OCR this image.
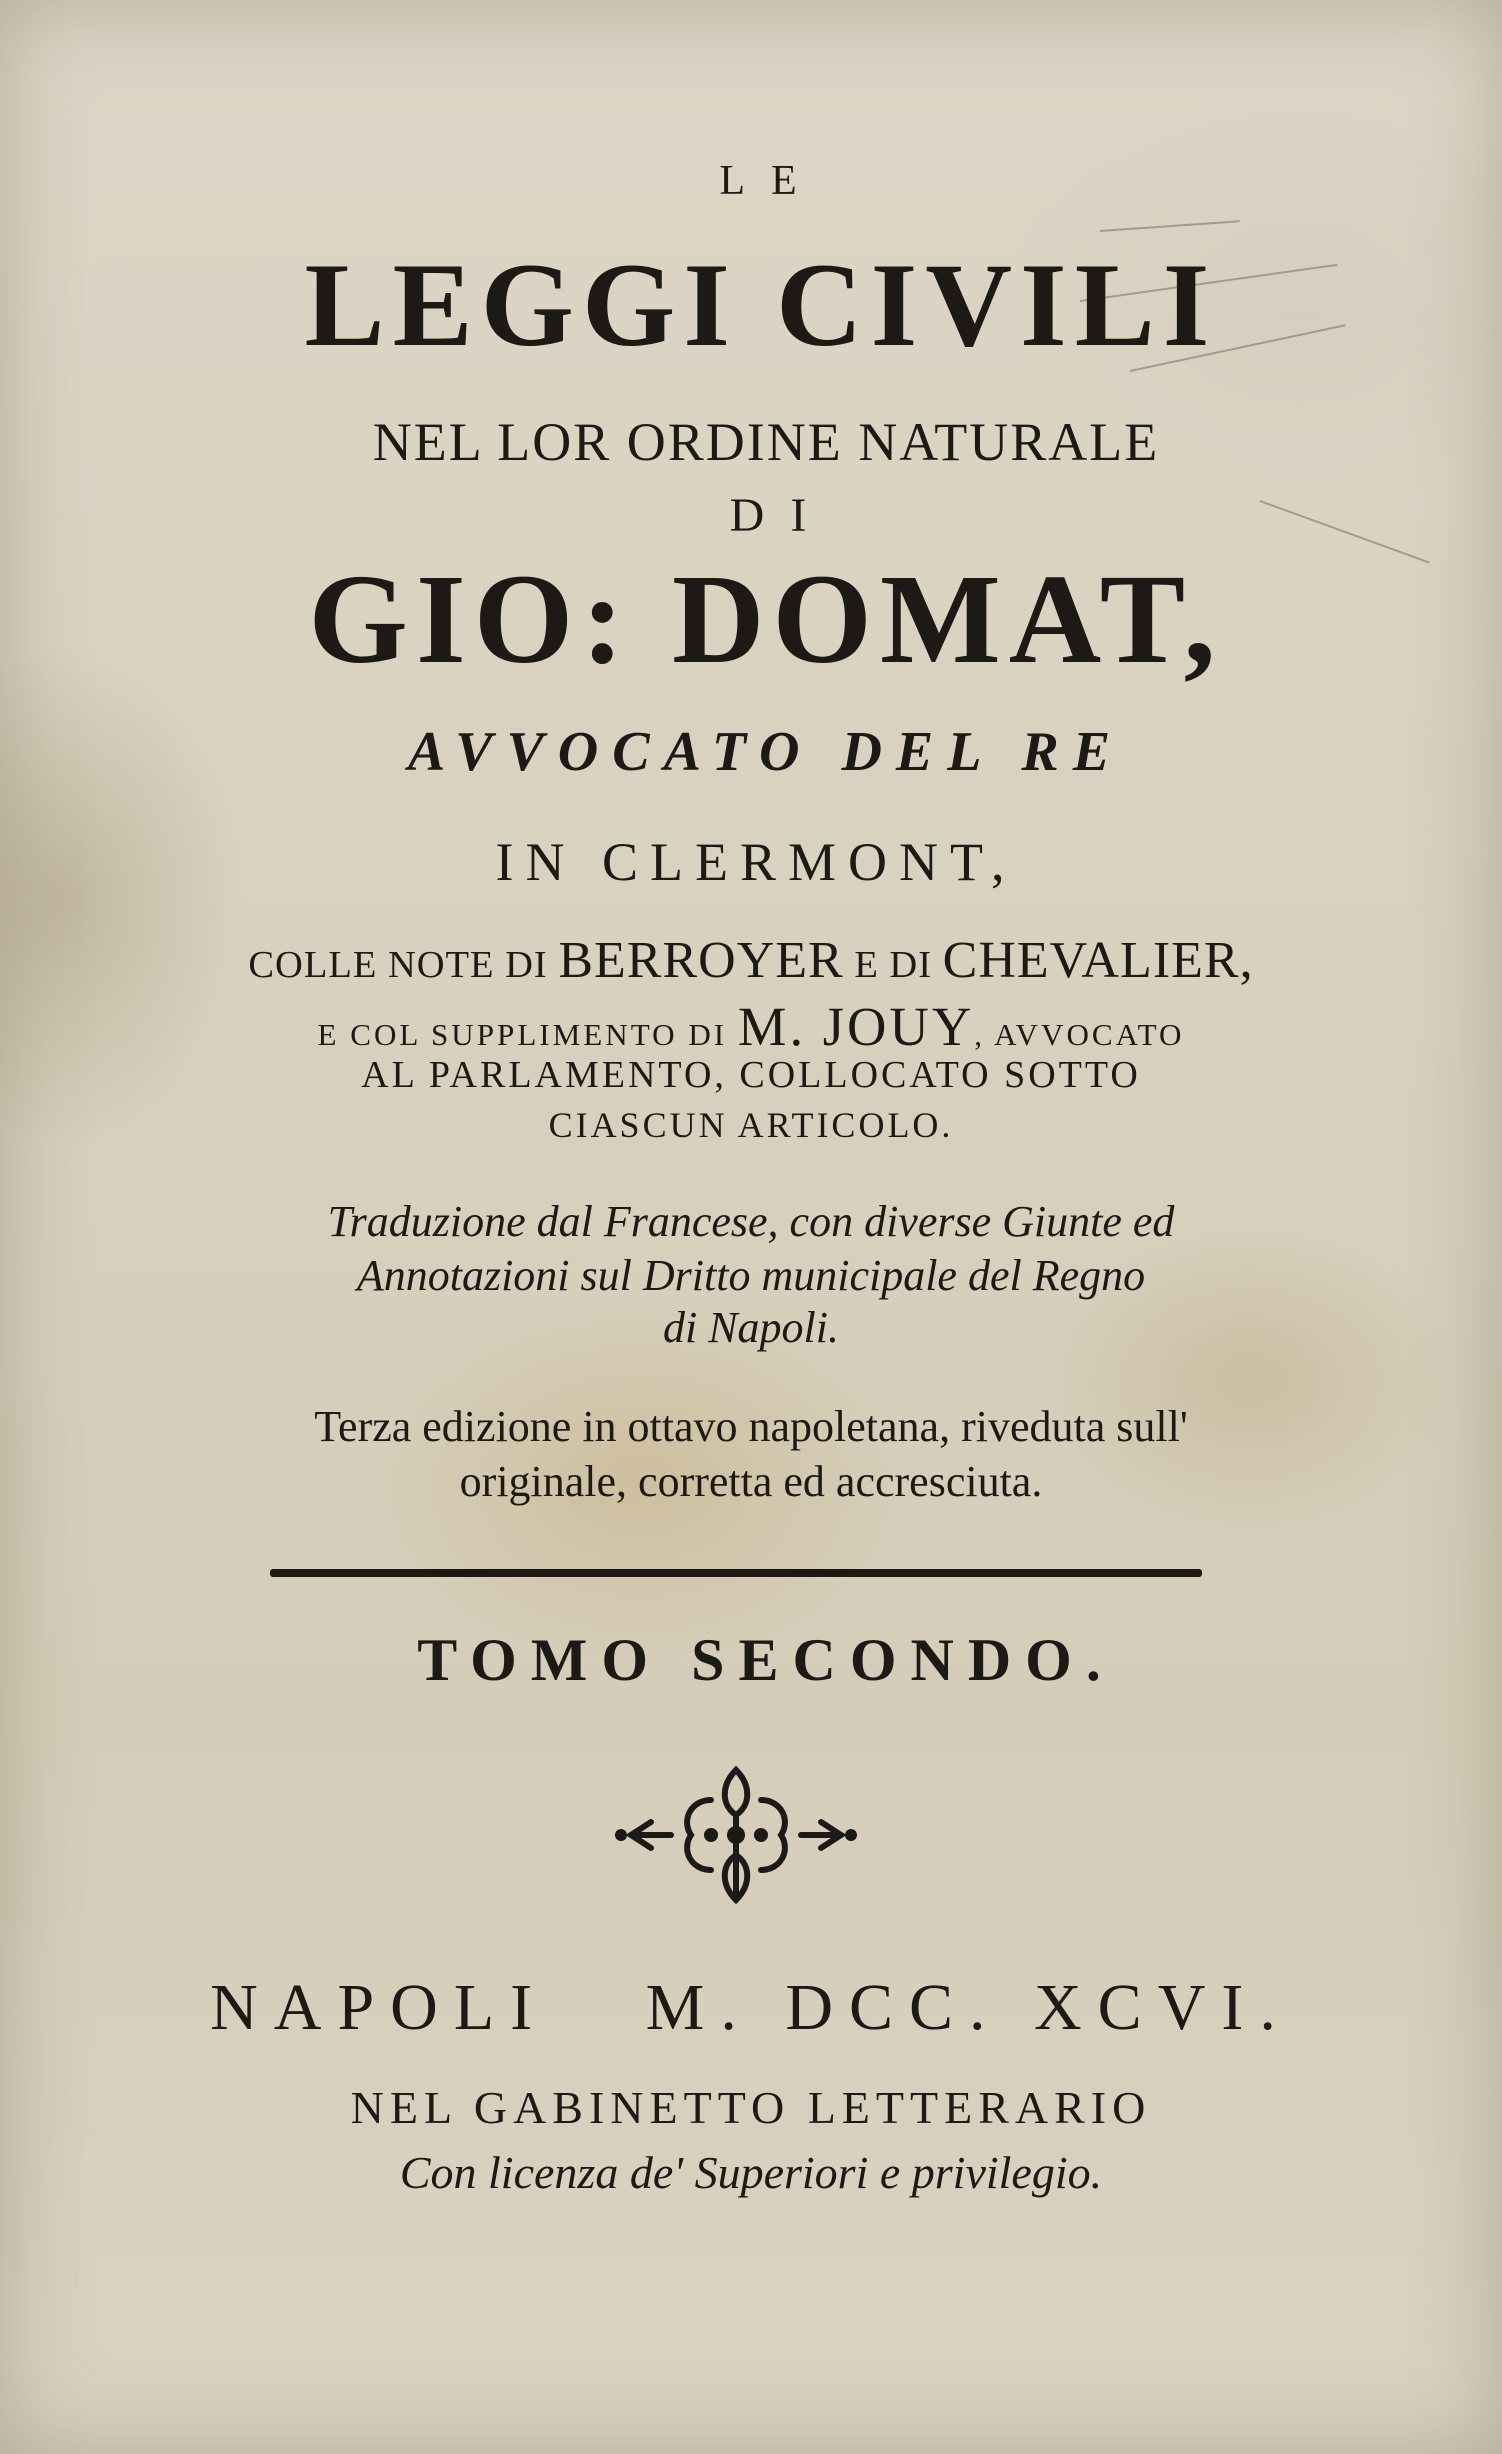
LE
LEGGI CIVILI
NEL LOR ORDINE NATURALE
DI
GIO: DOMAT,
AVVOCATO DEL RE
IN CLERMONT,
COLLE NOTE DI BERROYER E DI CHEVALIER,
E COL SUPPLIMENTO DI M. JOUY, AVVOCATO
AL PARLAMENTO, COLLOCATO SOTTO
CIASCUN ARTICOLO.
Traduzione dal Francese, con diverse Giunte ed
Annotazioni sul Dritto municipale del Regno
di Napoli.
Terza edizione in ottavo napoletana, riveduta sull'
originale, corretta ed accresciuta.
TOMO SECONDO.
NAPOLI   M. DCC. XCVI.
NEL GABINETTO LETTERARIO
Con licenza de' Superiori e privilegio.
